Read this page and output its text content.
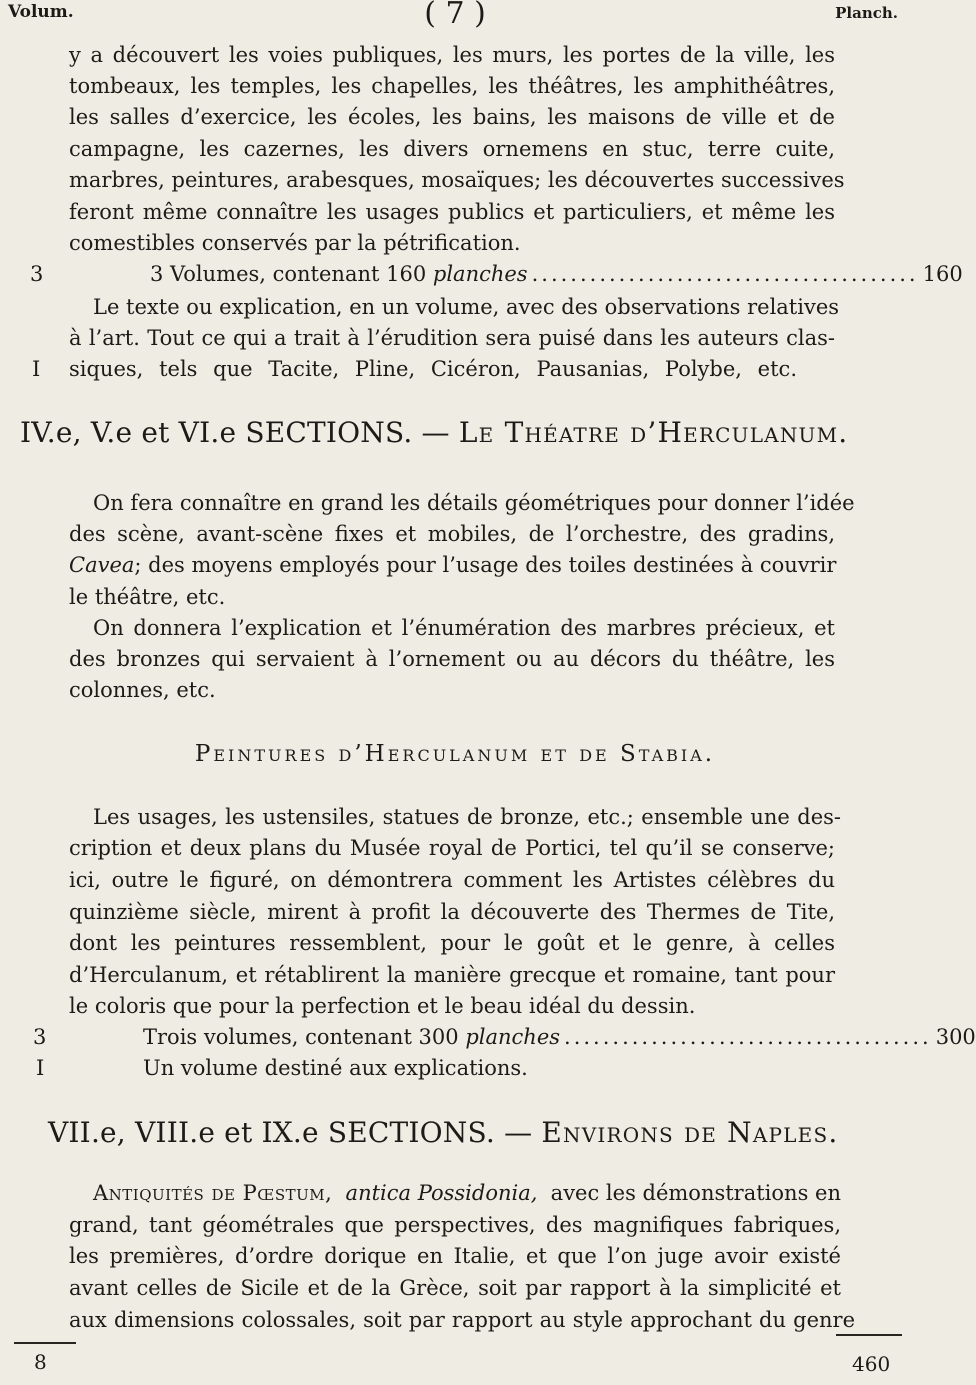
Volum.	( 7 )	Planch.
y a découvert les voies publiques, les murs, les portes de la ville, les
tombeaux, les temples, les chapelles, les théâtres, les amphithéâtres,
les salles d’exercice, les écoles, les bains, les maisons de ville et de
campagne, les cazernes, les divers ornemens en stuc, terre cuite,
marbres, peintures, arabesques, mosaïques; les découvertes successives
feront même connaître les usages publics et particuliers, et même les
comestibles conservés par la pétrification.
3	3 Volumes, contenant 160 planches ........................................ 160
Le texte ou explication, en un volume, avec des observations relatives
à l’art. Tout ce qui a trait à l’érudition sera puisé dans les auteurs clas-
I siques, tels que Tacite, Pline, Cicéron, Pausanias, Polybe, etc.
IV.e, V.e et VI.e SECTIONS. — Le Théatre d’Herculanum.
On fera connaître en grand les détails géométriques pour donner l’idée
des scène, avant-scène fixes et mobiles, de l’orchestre, des gradins,
Cavea ; des moyens employés pour l’usage des toiles destinées à couvrir
le théâtre, etc.
On donnera l’explication et l’énumération des marbres précieux, et
des bronzes qui servaient à l’ornement ou au décors du théâtre, les
colonnes, etc.
Peintures d’Herculanum et de Stabia.
Les usages, les ustensiles, statues de bronze, etc.; ensemble une des-
cription et deux plans du Musée royal de Portici, tel qu’il se conserve;
ici, outre le figuré, on démontrera comment les Artistes célèbres du
quinzième siècle, mirent à profit la découverte des Thermes de Tite,
dont les peintures ressemblent, pour le goût et le genre, à celles
d’Herculanum, et rétablirent la manière grecque et romaine, tant pour
le coloris que pour la perfection et le beau idéal du dessin.
3	Trois volumes, contenant 300 planches ...................................... 300
I	Un volume destiné aux explications.
VII.e, VIII.e et IX.e SECTIONS. — Environs de Naples.
Antiquités de Pœstum, antica Possidonia, avec les démonstrations en
grand, tant géométrales que perspectives, des magnifiques fabriques,
les premières, d’ordre dorique en Italie, et que l’on juge avoir existé
avant celles de Sicile et de la Grèce, soit par rapport à la simplicité et
aux dimensions colossales, soit par rapport au style approchant du genre
8	460
